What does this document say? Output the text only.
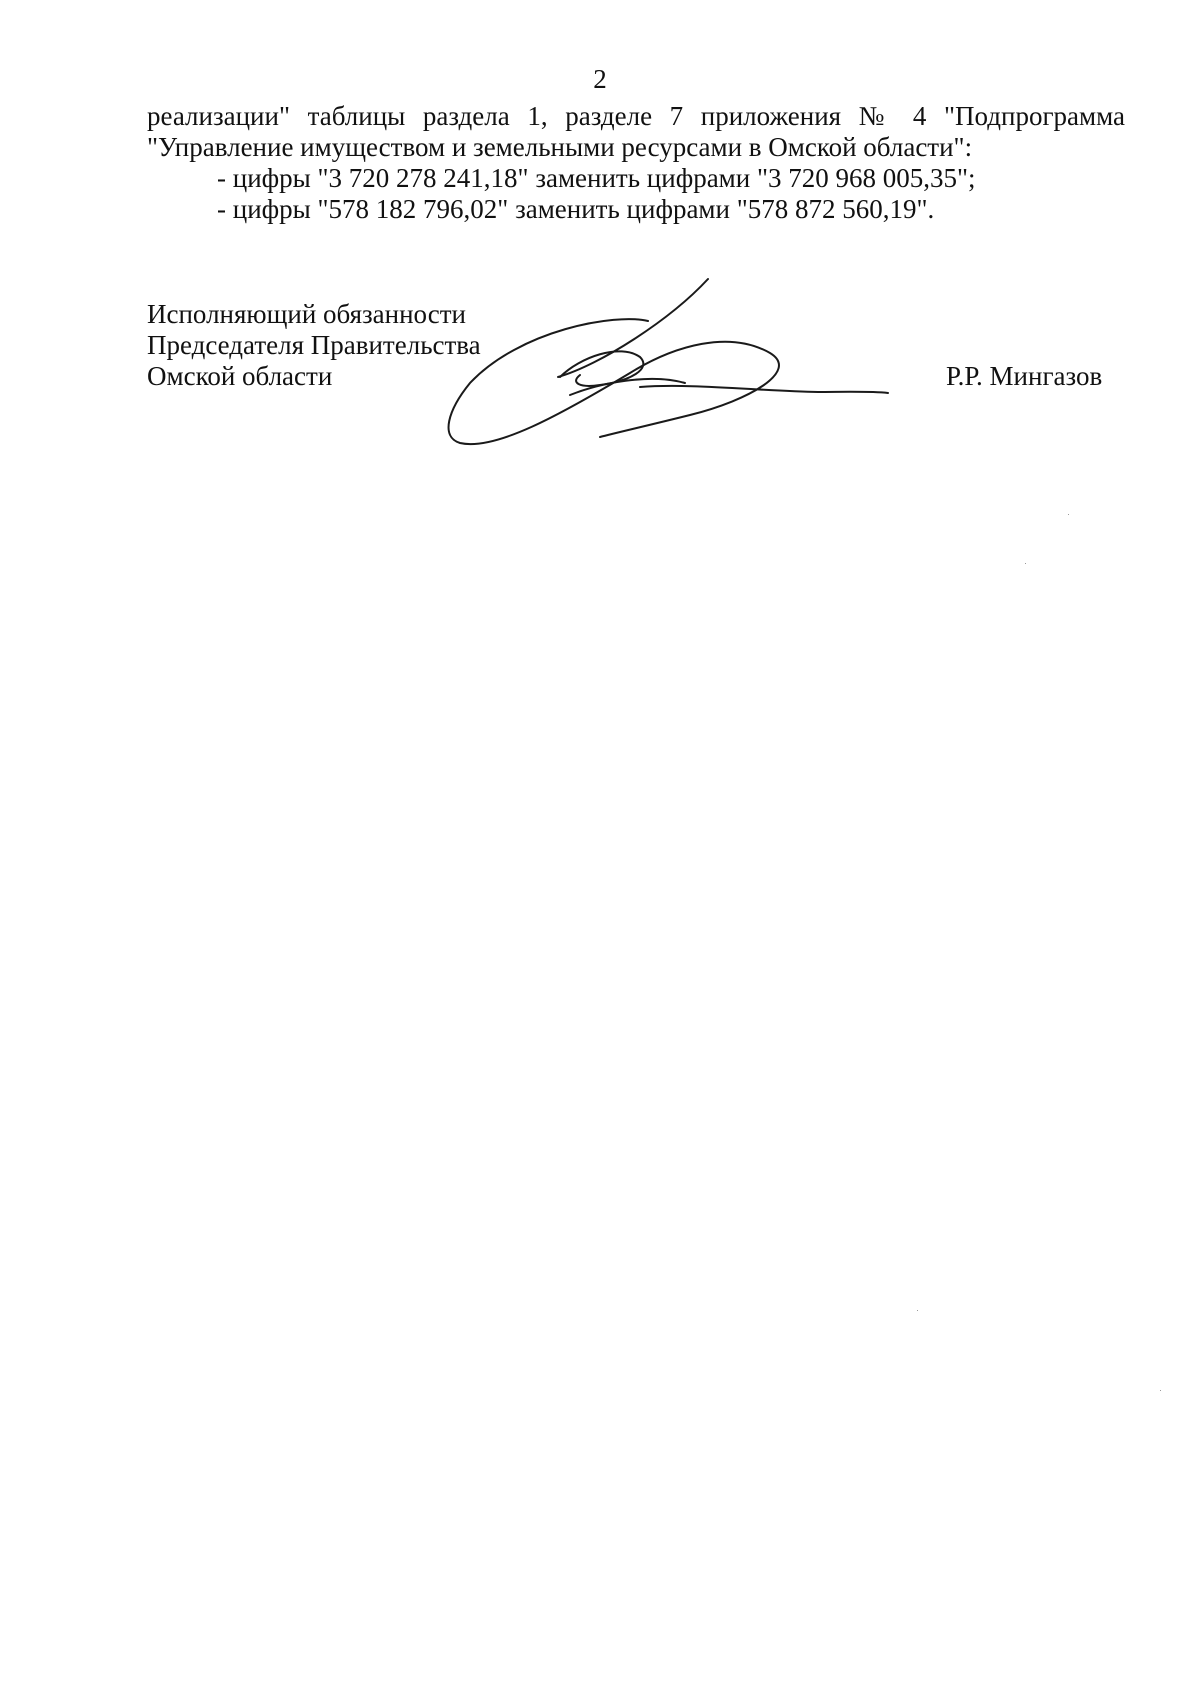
2

реализации" таблицы раздела 1, разделе 7 приложения № 4 "Подпрограмма

"Управление имуществом и земельными ресурсами в Омской области":

- цифры "3 720 278 241,18" заменить цифрами "3 720 968 005,35";

- цифры "578 182 796,02" заменить цифрами "578 872 560,19".

Исполняющий обязанности
Председателя Правительства
Омской области	Р.Р. Мингазов
